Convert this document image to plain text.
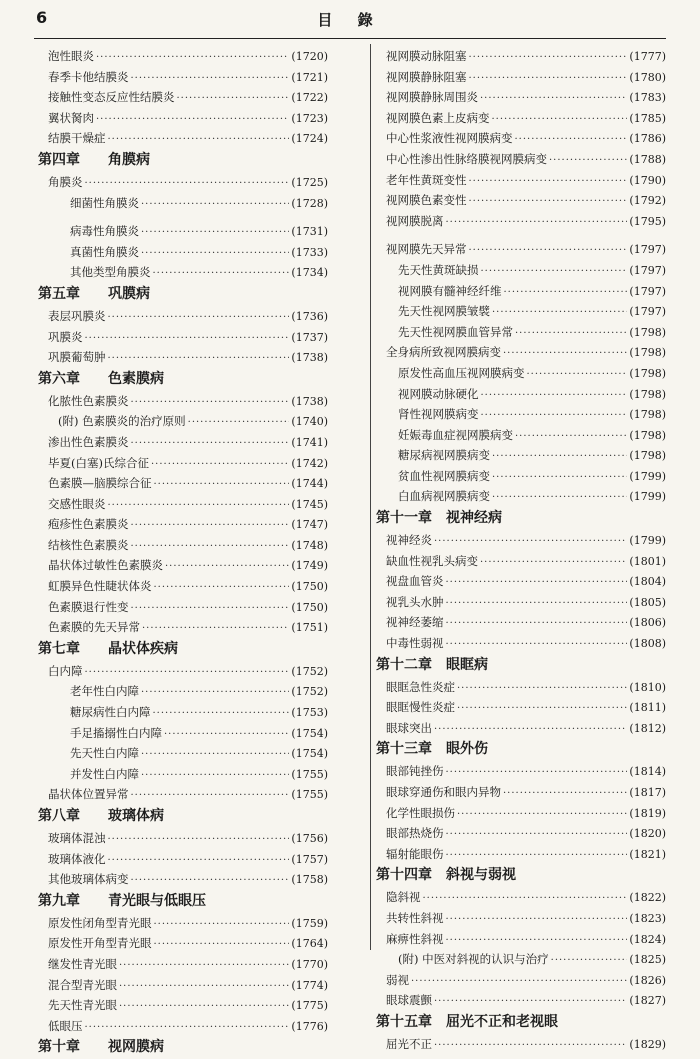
6	目 錄
泡性眼炎 ·····	(1720)
春季卡他结膜炎 ·····	(1721)
接触性变态反应性结膜炎 ·····	(1722)
翼状胬肉 ·····	(1723)
结膜干燥症 ·····	(1724)
第四章	角膜病
角膜炎 ·····	(1725)
细菌性角膜炎 ·····	(1728)
病毒性角膜炎 ·····	(1731)
真菌性角膜炎 ·····	(1733)
其他类型角膜炎 ·····	(1734)
第五章	巩膜病
表层巩膜炎 ·····	(1736)
巩膜炎 ·····	(1737)
巩膜葡萄肿 ·····	(1738)
第六章	色素膜病
化脓性色素膜炎 ·····	(1738)
(附) 色素膜炎的治疗原则 ·····	(1740)
渗出性色素膜炎 ·····	(1741)
毕夏(白塞)氏综合征 ·····	(1742)
色素膜—脑膜综合征 ·····	(1744)
交感性眼炎 ·····	(1745)
疱疹性色素膜炎 ·····	(1747)
结核性色素膜炎 ·····	(1748)
晶状体过敏性色素膜炎 ·····	(1749)
虹膜异色性睫状体炎 ·····	(1750)
色素膜退行性变 ·····	(1750)
色素膜的先天异常 ·····	(1751)
第七章	晶状体疾病
白内障 ·····	(1752)
老年性白内障 ·····	(1752)
糖尿病性白内障 ·····	(1753)
手足搐搦性白内障 ·····	(1754)
先天性白内障 ·····	(1754)
并发性白内障 ·····	(1755)
晶状体位置异常 ·····	(1755)
第八章	玻璃体病
玻璃体混浊 ·····	(1756)
玻璃体液化 ·····	(1757)
其他玻璃体病变 ·····	(1758)
第九章	青光眼与低眼压
原发性闭角型青光眼 ·····	(1759)
原发性开角型青光眼 ·····	(1764)
继发性青光眼 ·····	(1770)
混合型青光眼 ·····	(1774)
先天性青光眼 ·····	(1775)
低眼压 ·····	(1776)
第十章	视网膜病
视网膜动脉阻塞 ·····	(1777)
视网膜静脉阻塞 ·····	(1780)
视网膜静脉周围炎 ·····	(1783)
视网膜色素上皮病变 ·····	(1785)
中心性浆液性视网膜病变 ·····	(1786)
中心性渗出性脉络膜视网膜病变 ·····	(1788)
老年性黄斑变性 ·····	(1790)
视网膜色素变性 ·····	(1792)
视网膜脱离 ·····	(1795)
视网膜先天异常 ·····	(1797)
先天性黄斑缺损 ·····	(1797)
视网膜有髓神经纤维 ·····	(1797)
先天性视网膜皱襞 ·····	(1797)
先天性视网膜血管异常 ·····	(1798)
全身病所致视网膜病变 ·····	(1798)
原发性高血压视网膜病变 ·····	(1798)
视网膜动脉硬化 ·····	(1798)
肾性视网膜病变 ·····	(1798)
妊娠毒血症视网膜病变 ·····	(1798)
糖尿病视网膜病变 ·····	(1798)
贫血性视网膜病变 ·····	(1799)
白血病视网膜病变 ·····	(1799)
第十一章	视神经病
视神经炎 ·····	(1799)
缺血性视乳头病变 ·····	(1801)
视盘血管炎 ·····	(1804)
视乳头水肿 ·····	(1805)
视神经萎缩 ·····	(1806)
中毒性弱视 ·····	(1808)
第十二章	眼眶病
眼眶急性炎症 ·····	(1810)
眼眶慢性炎症 ·····	(1811)
眼球突出 ·····	(1812)
第十三章	眼外伤
眼部钝挫伤 ·····	(1814)
眼球穿通伤和眼内异物 ·····	(1817)
化学性眼损伤 ·····	(1819)
眼部热烧伤 ·····	(1820)
辐射能眼伤 ·····	(1821)
第十四章	斜视与弱视
隐斜视 ·····	(1822)
共转性斜视 ·····	(1823)
麻痹性斜视 ·····	(1824)
(附) 中医对斜视的认识与治疗 ·····	(1825)
弱视 ·····	(1826)
眼球震颤 ·····	(1827)
第十五章	屈光不正和老视眼
屈光不正 ·····	(1829)
